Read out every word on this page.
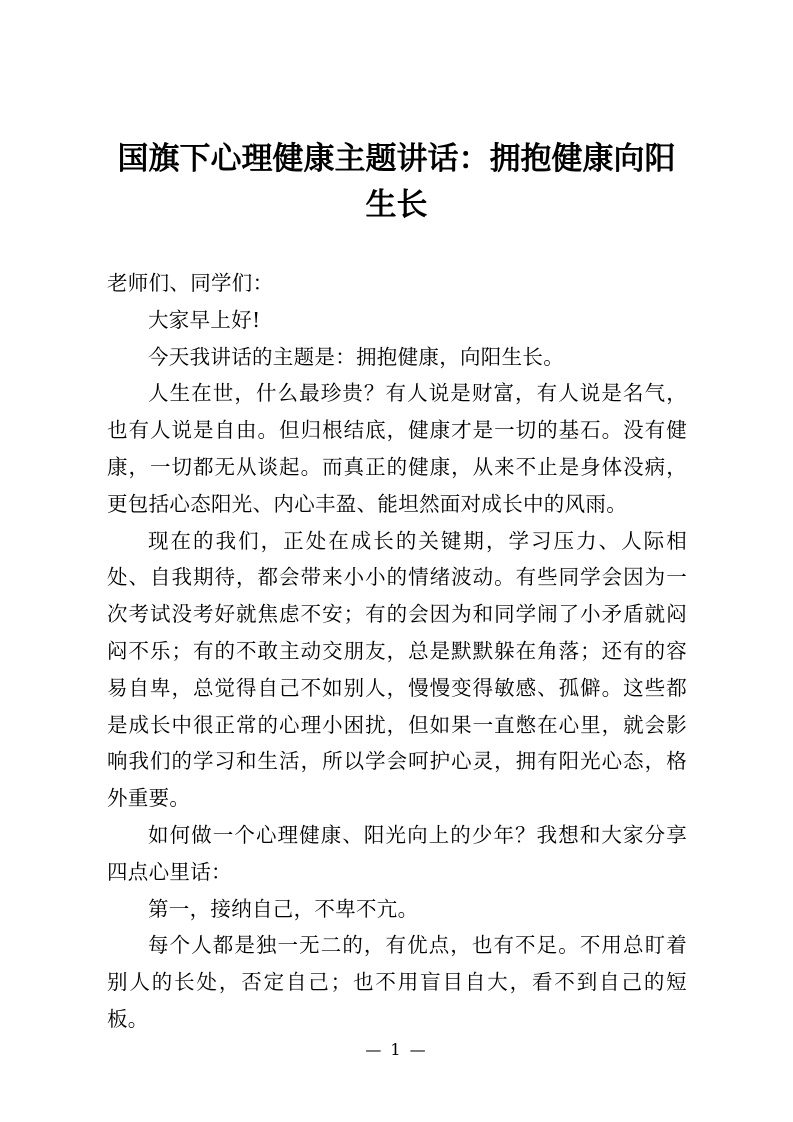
国旗下心理健康主题讲话：拥抱健康向阳
生长

老师们、同学们：

大家早上好!

今天我讲话的主题是：拥抱健康，向阳生长。

人生在世，什么最珍贵？有人说是财富，有人说是名气，也有人说是自由。但归根结底，健康才是一切的基石。没有健康，一切都无从谈起。而真正的健康，从来不止是身体没病，更包括心态阳光、内心丰盈、能坦然面对成长中的风雨。

现在的我们，正处在成长的关键期，学习压力、人际相处、自我期待，都会带来小小的情绪波动。有些同学会因为一次考试没考好就焦虑不安；有的会因为和同学闹了小矛盾就闷闷不乐；有的不敢主动交朋友，总是默默躲在角落；还有的容易自卑，总觉得自己不如别人，慢慢变得敏感、孤僻。这些都是成长中很正常的心理小困扰，但如果一直憋在心里，就会影响我们的学习和生活，所以学会呵护心灵，拥有阳光心态，格外重要。

如何做一个心理健康、阳光向上的少年？我想和大家分享四点心里话：

第一，接纳自己，不卑不亢。

每个人都是独一无二的，有优点，也有不足。不用总盯着别人的长处，否定自己；也不用盲目自大，看不到自己的短板。

— 1 —
